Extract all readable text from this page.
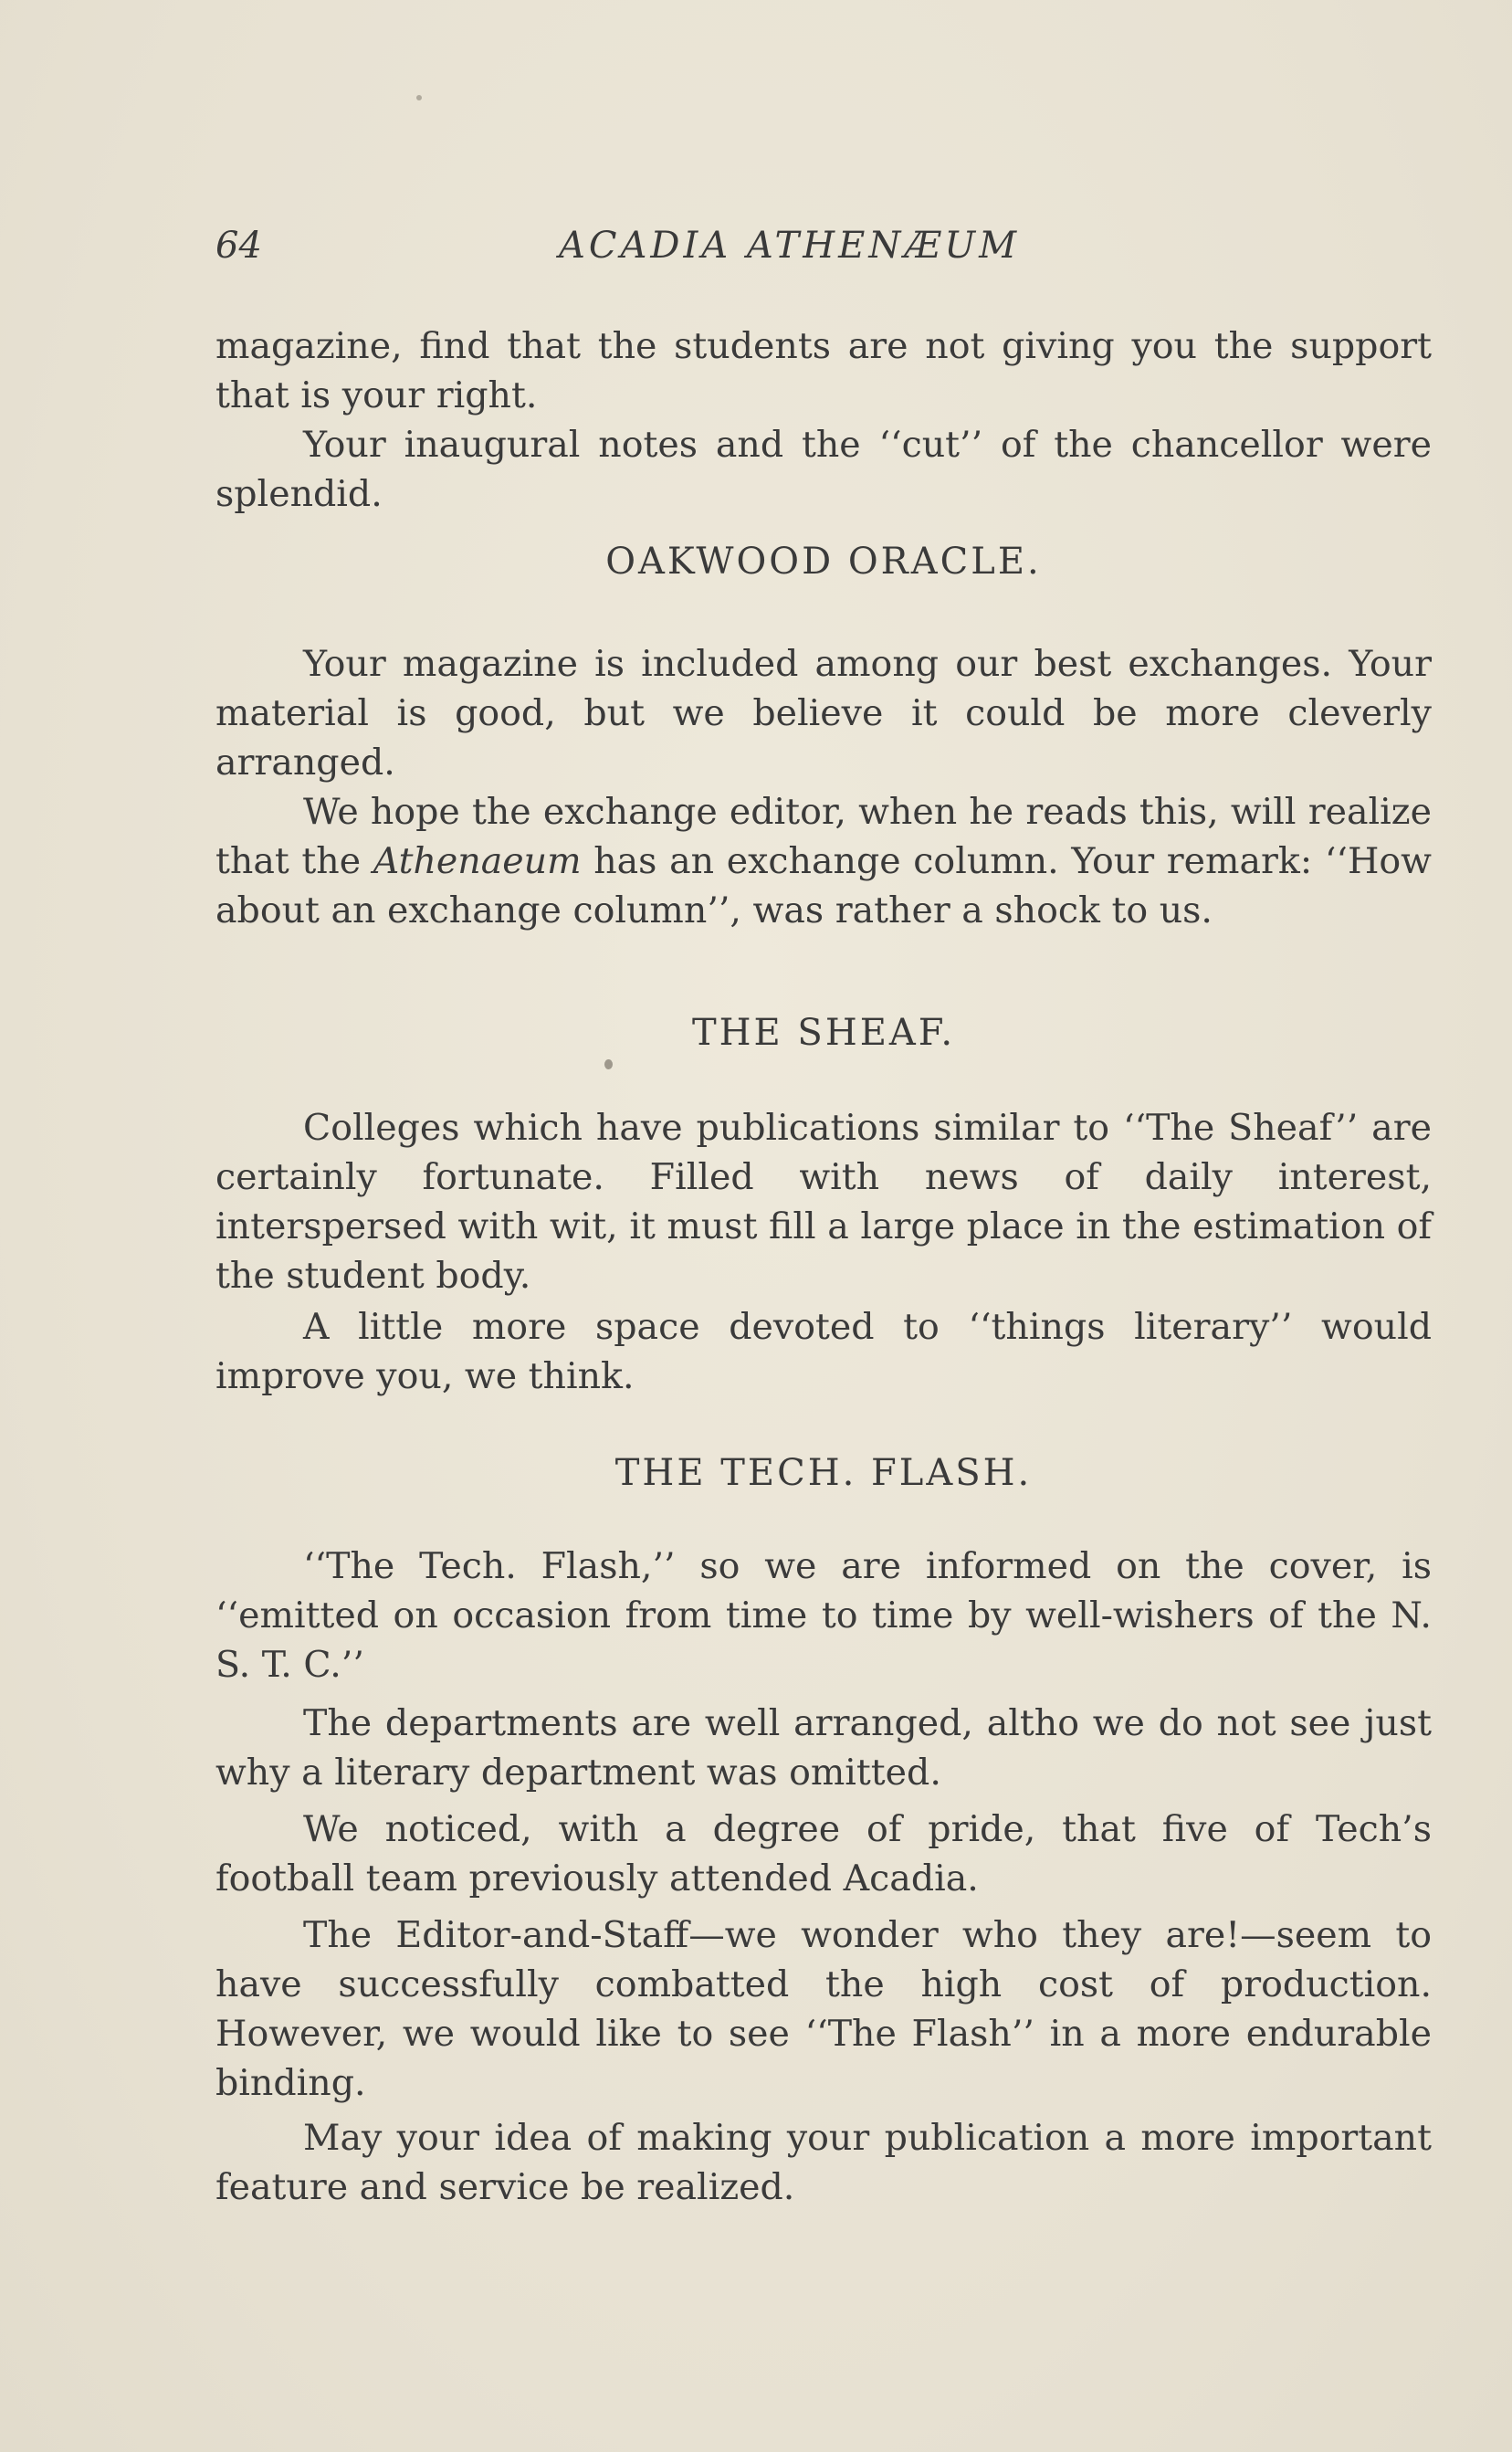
64	ACADIA ATHENÆUM

magazine, find that the students are not giving you the support that is your right.

Your inaugural notes and the ‘‘cut’’ of the chancellor were splendid.

OAKWOOD ORACLE.

Your magazine is included among our best exchanges. Your material is good, but we believe it could be more cleverly arranged.

We hope the exchange editor, when he reads this, will realize that the Athenaeum has an exchange column. Your remark: ‘‘How about an exchange column’’, was rather a shock to us.

THE SHEAF.

Colleges which have publications similar to ‘‘The Sheaf’’ are certainly fortunate. Filled with news of daily interest, interspersed with wit, it must fill a large place in the estimation of the student body.

A little more space devoted to ‘‘things literary’’ would improve you, we think.

THE TECH. FLASH.

‘‘The Tech. Flash,’’ so we are informed on the cover, is ‘‘emitted on occasion from time to time by well-wishers of the N. S. T. C.’’

The departments are well arranged, altho we do not see just why a literary department was omitted.

We noticed, with a degree of pride, that five of Tech’s football team previously attended Acadia.

The Editor-and-Staff—we wonder who they are!—seem to have successfully combatted the high cost of production. However, we would like to see ‘‘The Flash’’ in a more endurable binding.

May your idea of making your publication a more important feature and service be realized.
